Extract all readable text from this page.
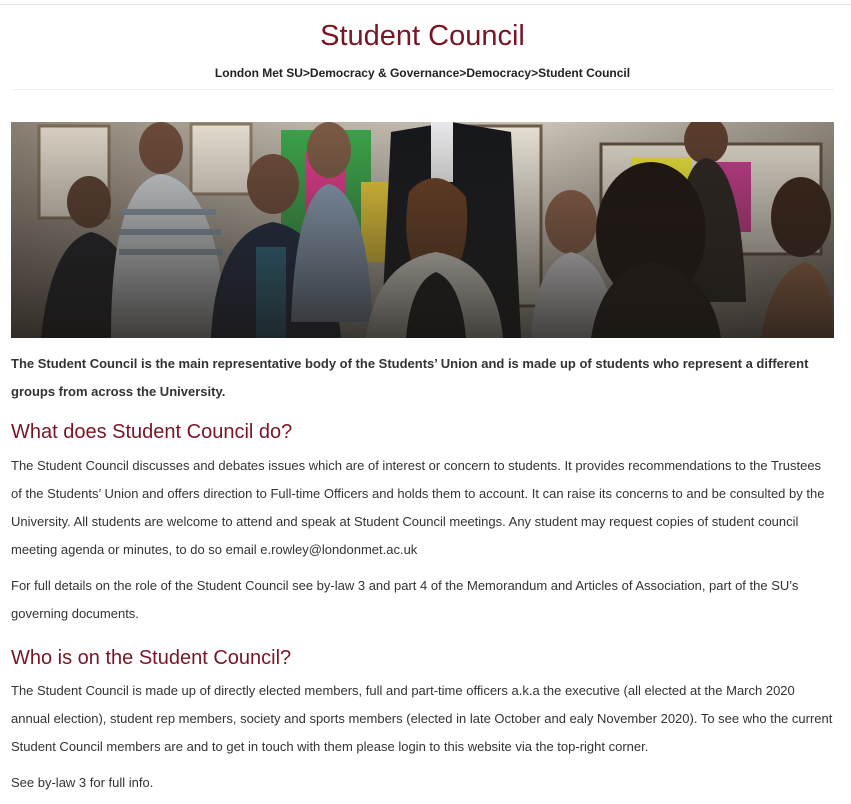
Student Council
London Met SU>Democracy & Governance>Democracy>Student Council

The Student Council is the main representative body of the Students’ Union and is made up of students who represent a different groups from across the University.

What does Student Council do?

The Student Council discusses and debates issues which are of interest or concern to students. It provides recommendations to the Trustees of the Students’ Union and offers direction to Full-time Officers and holds them to account. It can raise its concerns to and be consulted by the University. All students are welcome to attend and speak at Student Council meetings. Any student may request copies of student council meeting agenda or minutes, to do so email e.rowley@londonmet.ac.uk

For full details on the role of the Student Council see by-law 3 and part 4 of the Memorandum and Articles of Association, part of the SU’s governing documents.

Who is on the Student Council?

The Student Council is made up of directly elected members, full and part-time officers a.k.a the executive (all elected at the March 2020 annual election), student rep members, society and sports members (elected in late October and ealy November 2020). To see who the current Student Council members are and to get in touch with them please login to this website via the top-right corner.

See by-law 3 for full info.
